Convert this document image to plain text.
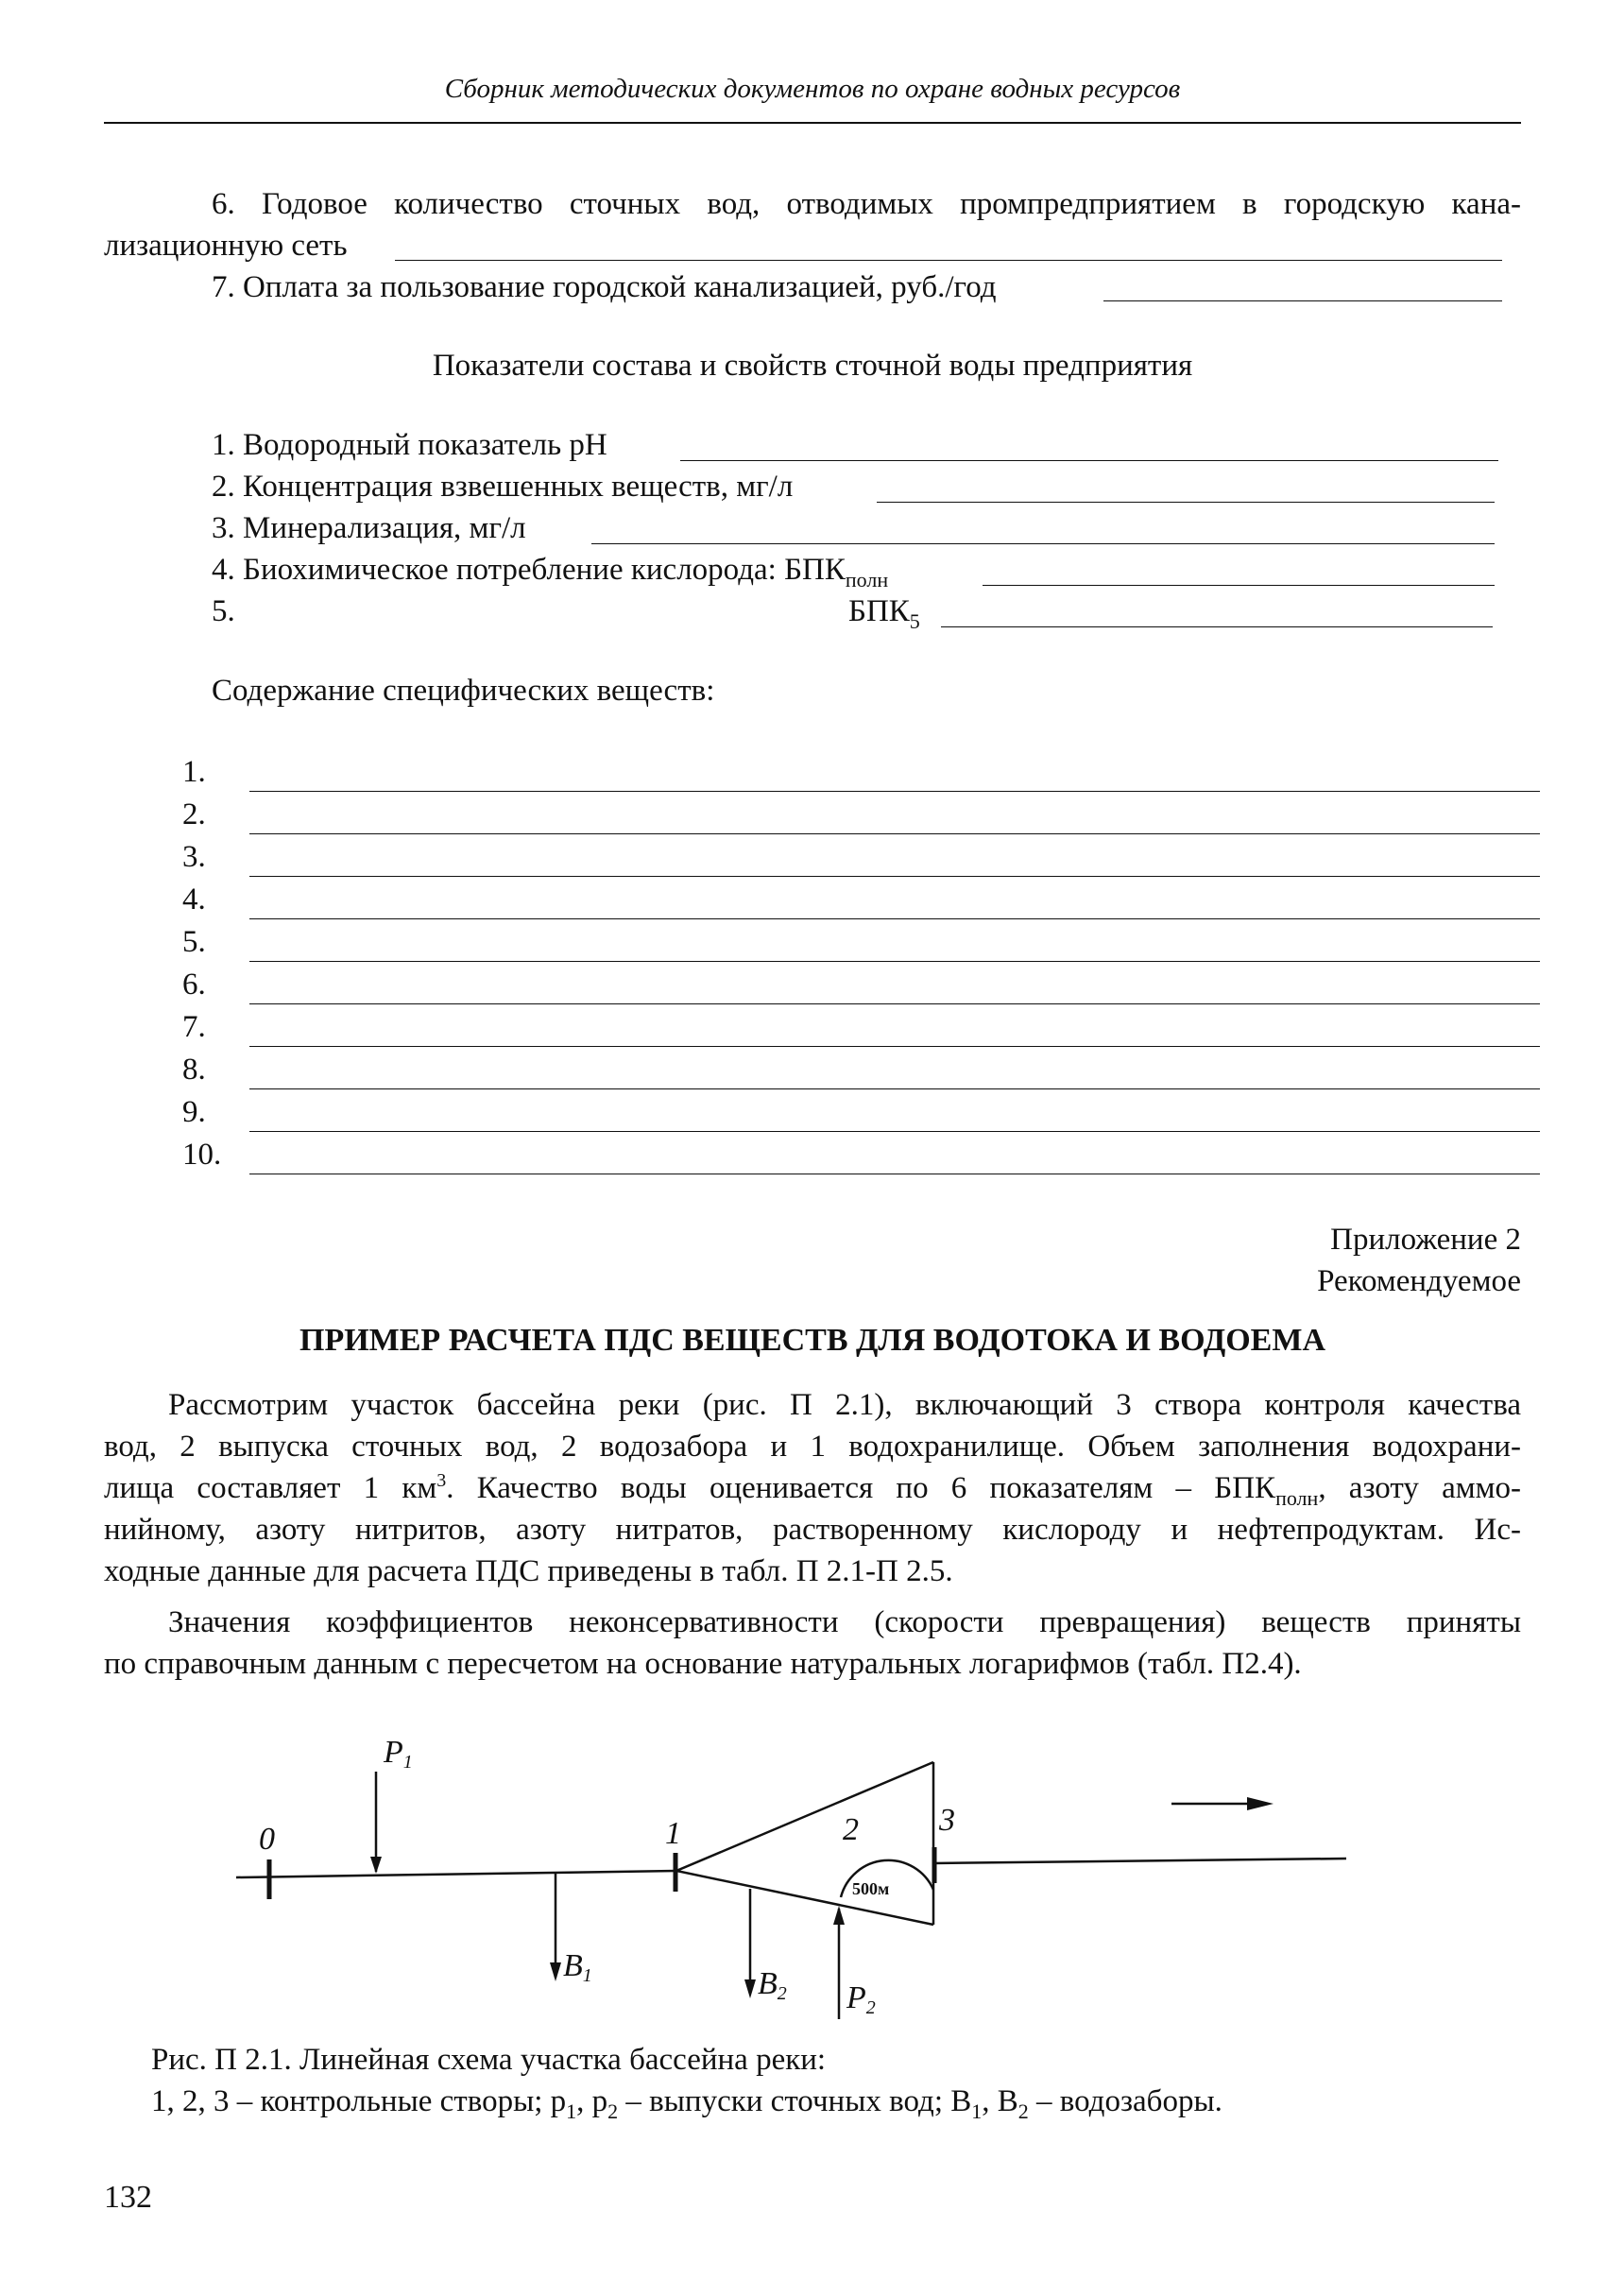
Сборник методических документов по охране водных ресурсов
6. Годовое количество сточных вод, отводимых промпредприятием в городскую кана-
лизационную сеть
7. Оплата за пользование городской канализацией, руб./год
Показатели состава и свойств сточной воды предприятия
1. Водородный показатель pH
2. Концентрация взвешенных веществ, мг/л
3. Минерализация, мг/л
4. Биохимическое потребление кислорода: $БПК_{полн}$
5.	$БПК_5$
Содержание специфических веществ:
1.
2.
3.
4.
5.
6.
7.
8.
9.
10.
Приложение 2
Рекомендуемое
ПРИМЕР РАСЧЕТА ПДС ВЕЩЕСТВ ДЛЯ ВОДОТОКА И ВОДОЕМА
Рассмотрим участок бассейна реки (рис. П 2.1), включающий 3 створа контроля качества
вод, 2 выпуска сточных вод, 2 водозабора и 1 водохранилище. Объем заполнения водохрани-
лища составляет 1 $км^3$. Качество воды оценивается по 6 показателям – $БПК_{полн}$, азоту аммо-
нийному, азоту нитритов, азоту нитратов, растворенному кислороду и нефтепродуктам. Ис-
ходные данные для расчета ПДС приведены в табл. П 2.1-П 2.5.
Значения коэффициентов неконсервативности (скорости превращения) веществ приняты
по справочным данным с пересчетом на основание натуральных логарифмов (табл. П2.4).
0	1	2	3
P1
B1	B2 P2
500м
Рис. П 2.1. Линейная схема участка бассейна реки:
1, 2, 3 – контрольные створы; $p_1$, $p_2$ – выпуски сточных вод; $B_1$, $B_2$ – водозаборы.
132
